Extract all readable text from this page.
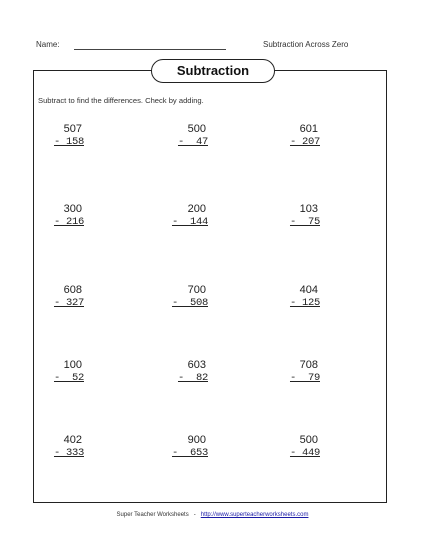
Name:	Subtraction Across Zero
Subtraction
Subtract to find the differences. Check by adding.
507
- 158
500
-  47
601
- 207
300
- 216
200
-  144
103
-  75
608
- 327
700
-  508
404
- 125
100
-  52
603
-  82
708
-  79
402
- 333
900
-  653
500
- 449
Super Teacher Worksheets - http://www.superteacherworksheets.com
